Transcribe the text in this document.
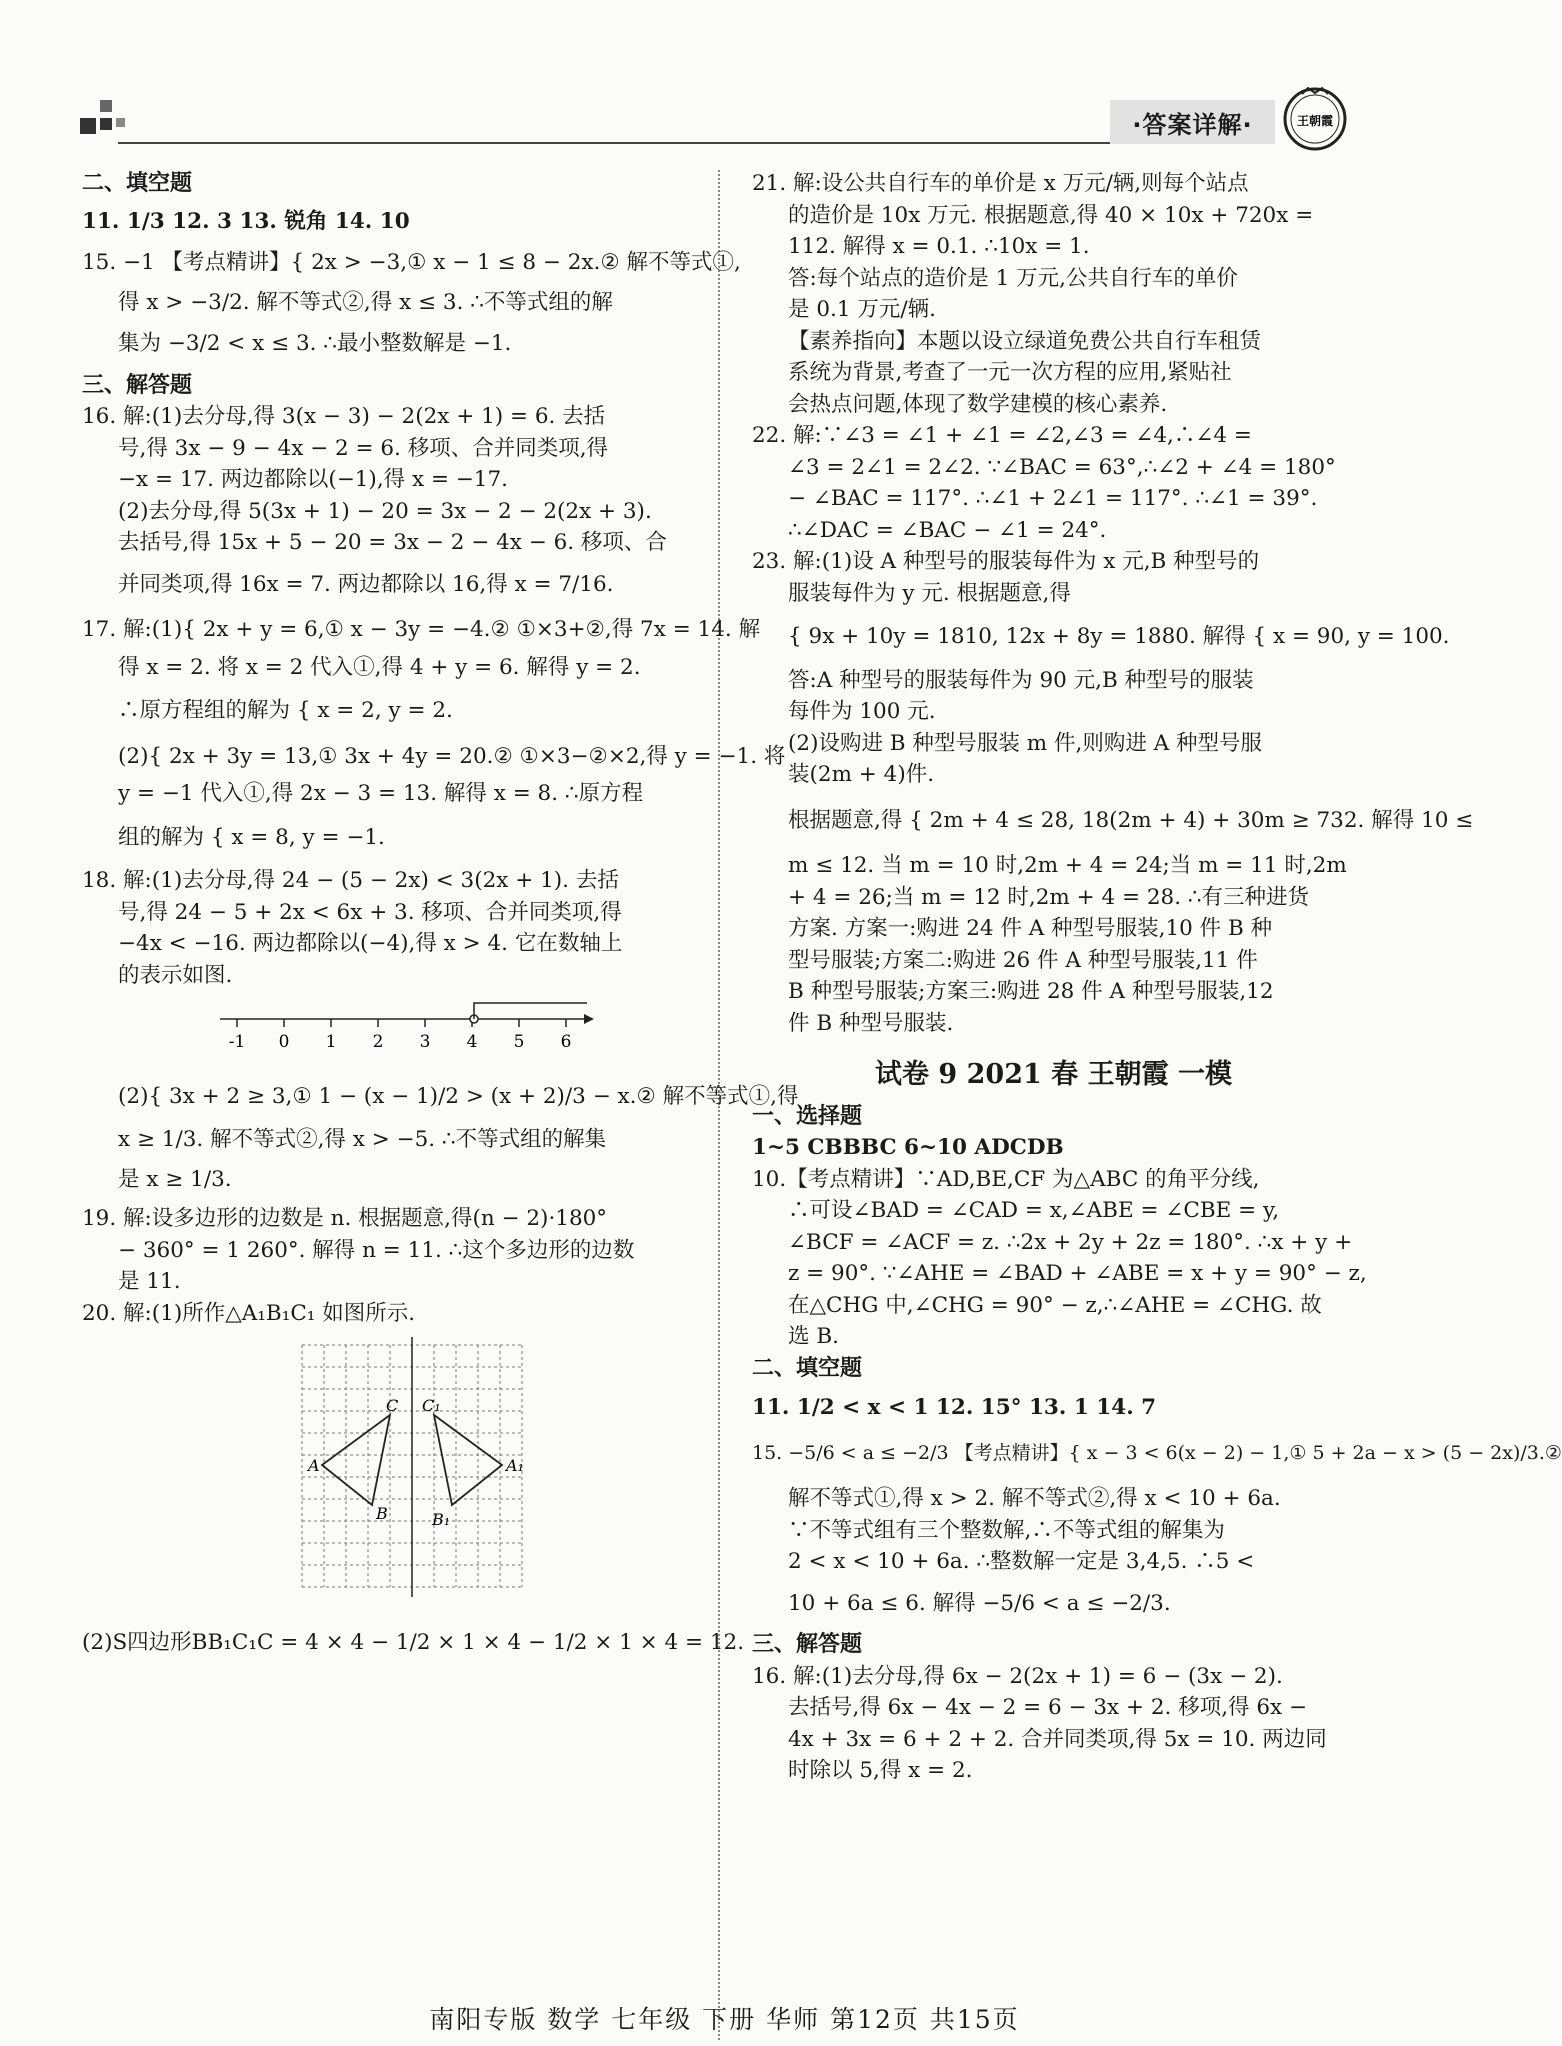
·答案详解·	王朝霞
二、填空题
11. 1/3 12. 3 13. 锐角 14. 10
15. −1 【考点精讲】{ 2x > −3,① x − 1 ≤ 8 − 2x.② 解不等式①,
得 x > −3/2. 解不等式②,得 x ≤ 3. ∴不等式组的解
集为 −3/2 < x ≤ 3. ∴最小整数解是 −1.
三、解答题
16. 解:(1)去分母,得 3(x − 3) − 2(2x + 1) = 6. 去括
号,得 3x − 9 − 4x − 2 = 6. 移项、合并同类项,得
−x = 17. 两边都除以(−1),得 x = −17.
(2)去分母,得 5(3x + 1) − 20 = 3x − 2 − 2(2x + 3).
去括号,得 15x + 5 − 20 = 3x − 2 − 4x − 6. 移项、合
并同类项,得 16x = 7. 两边都除以 16,得 x = 7/16.
17. 解:(1){ 2x + y = 6,① x − 3y = −4.② ①×3+②,得 7x = 14. 解
得 x = 2. 将 x = 2 代入①,得 4 + y = 6. 解得 y = 2.
∴原方程组的解为 { x = 2, y = 2.
(2){ 2x + 3y = 13,① 3x + 4y = 20.② ①×3−②×2,得 y = −1. 将
y = −1 代入①,得 2x − 3 = 13. 解得 x = 8. ∴原方程
组的解为 { x = 8, y = −1.
18. 解:(1)去分母,得 24 − (5 − 2x) < 3(2x + 1). 去括
号,得 24 − 5 + 2x < 6x + 3. 移项、合并同类项,得
−4x < −16. 两边都除以(−4),得 x > 4. 它在数轴上
的表示如图.
-1 0 1 2 3 4 5 6
(2){ 3x + 2 ≥ 3,① 1 − (x − 1)/2 > (x + 2)/3 − x.② 解不等式①,得
x ≥ 1/3. 解不等式②,得 x > −5. ∴不等式组的解集
是 x ≥ 1/3.
19. 解:设多边形的边数是 n. 根据题意,得(n − 2)·180°
− 360° = 1 260°. 解得 n = 11. ∴这个多边形的边数
是 11.
20. 解:(1)所作△A₁B₁C₁ 如图所示.
A
B
C
A₁
B₁
C₁
(2)S四边形BB₁C₁C = 4 × 4 − 1/2 × 1 × 4 − 1/2 × 1 × 4 = 12.
21. 解:设公共自行车的单价是 x 万元/辆,则每个站点
的造价是 10x 万元. 根据题意,得 40 × 10x + 720x =
112. 解得 x = 0.1. ∴10x = 1.
答:每个站点的造价是 1 万元,公共自行车的单价
是 0.1 万元/辆.
【素养指向】本题以设立绿道免费公共自行车租赁
系统为背景,考查了一元一次方程的应用,紧贴社
会热点问题,体现了数学建模的核心素养.
22. 解:∵∠3 = ∠1 + ∠1 = ∠2,∠3 = ∠4,∴∠4 =
∠3 = 2∠1 = 2∠2. ∵∠BAC = 63°,∴∠2 + ∠4 = 180°
− ∠BAC = 117°. ∴∠1 + 2∠1 = 117°. ∴∠1 = 39°.
∴∠DAC = ∠BAC − ∠1 = 24°.
23. 解:(1)设 A 种型号的服装每件为 x 元,B 种型号的
服装每件为 y 元. 根据题意,得
{ 9x + 10y = 1810, 12x + 8y = 1880. 解得 { x = 90, y = 100.
答:A 种型号的服装每件为 90 元,B 种型号的服装
每件为 100 元.
(2)设购进 B 种型号服装 m 件,则购进 A 种型号服
装(2m + 4)件.
根据题意,得 { 2m + 4 ≤ 28, 18(2m + 4) + 30m ≥ 732. 解得 10 ≤
m ≤ 12. 当 m = 10 时,2m + 4 = 24;当 m = 11 时,2m
+ 4 = 26;当 m = 12 时,2m + 4 = 28. ∴有三种进货
方案. 方案一:购进 24 件 A 种型号服装,10 件 B 种
型号服装;方案二:购进 26 件 A 种型号服装,11 件
B 种型号服装;方案三:购进 28 件 A 种型号服装,12
件 B 种型号服装.
试卷 9 2021 春 王朝霞 一模
一、选择题
1~5 CBBBC 6~10 ADCDB
10.【考点精讲】∵AD,BE,CF 为△ABC 的角平分线,
∴可设∠BAD = ∠CAD = x,∠ABE = ∠CBE = y,
∠BCF = ∠ACF = z. ∴2x + 2y + 2z = 180°. ∴x + y +
z = 90°. ∵∠AHE = ∠BAD + ∠ABE = x + y = 90° − z,
在△CHG 中,∠CHG = 90° − z,∴∠AHE = ∠CHG. 故
选 B.
二、填空题
11. 1/2 < x < 1 12. 15° 13. 1 14. 7
15. −5/6 < a ≤ −2/3 【考点精讲】{ x − 3 < 6(x − 2) − 1,① 5 + 2a − x > (5 − 2x)/3.②
解不等式①,得 x > 2. 解不等式②,得 x < 10 + 6a.
∵不等式组有三个整数解,∴不等式组的解集为
2 < x < 10 + 6a. ∴整数解一定是 3,4,5. ∴5 <
10 + 6a ≤ 6. 解得 −5/6 < a ≤ −2/3.
三、解答题
16. 解:(1)去分母,得 6x − 2(2x + 1) = 6 − (3x − 2).
去括号,得 6x − 4x − 2 = 6 − 3x + 2. 移项,得 6x −
4x + 3x = 6 + 2 + 2. 合并同类项,得 5x = 10. 两边同
时除以 5,得 x = 2.
南阳专版 数学 七年级 下册 华师 第12页 共15页
